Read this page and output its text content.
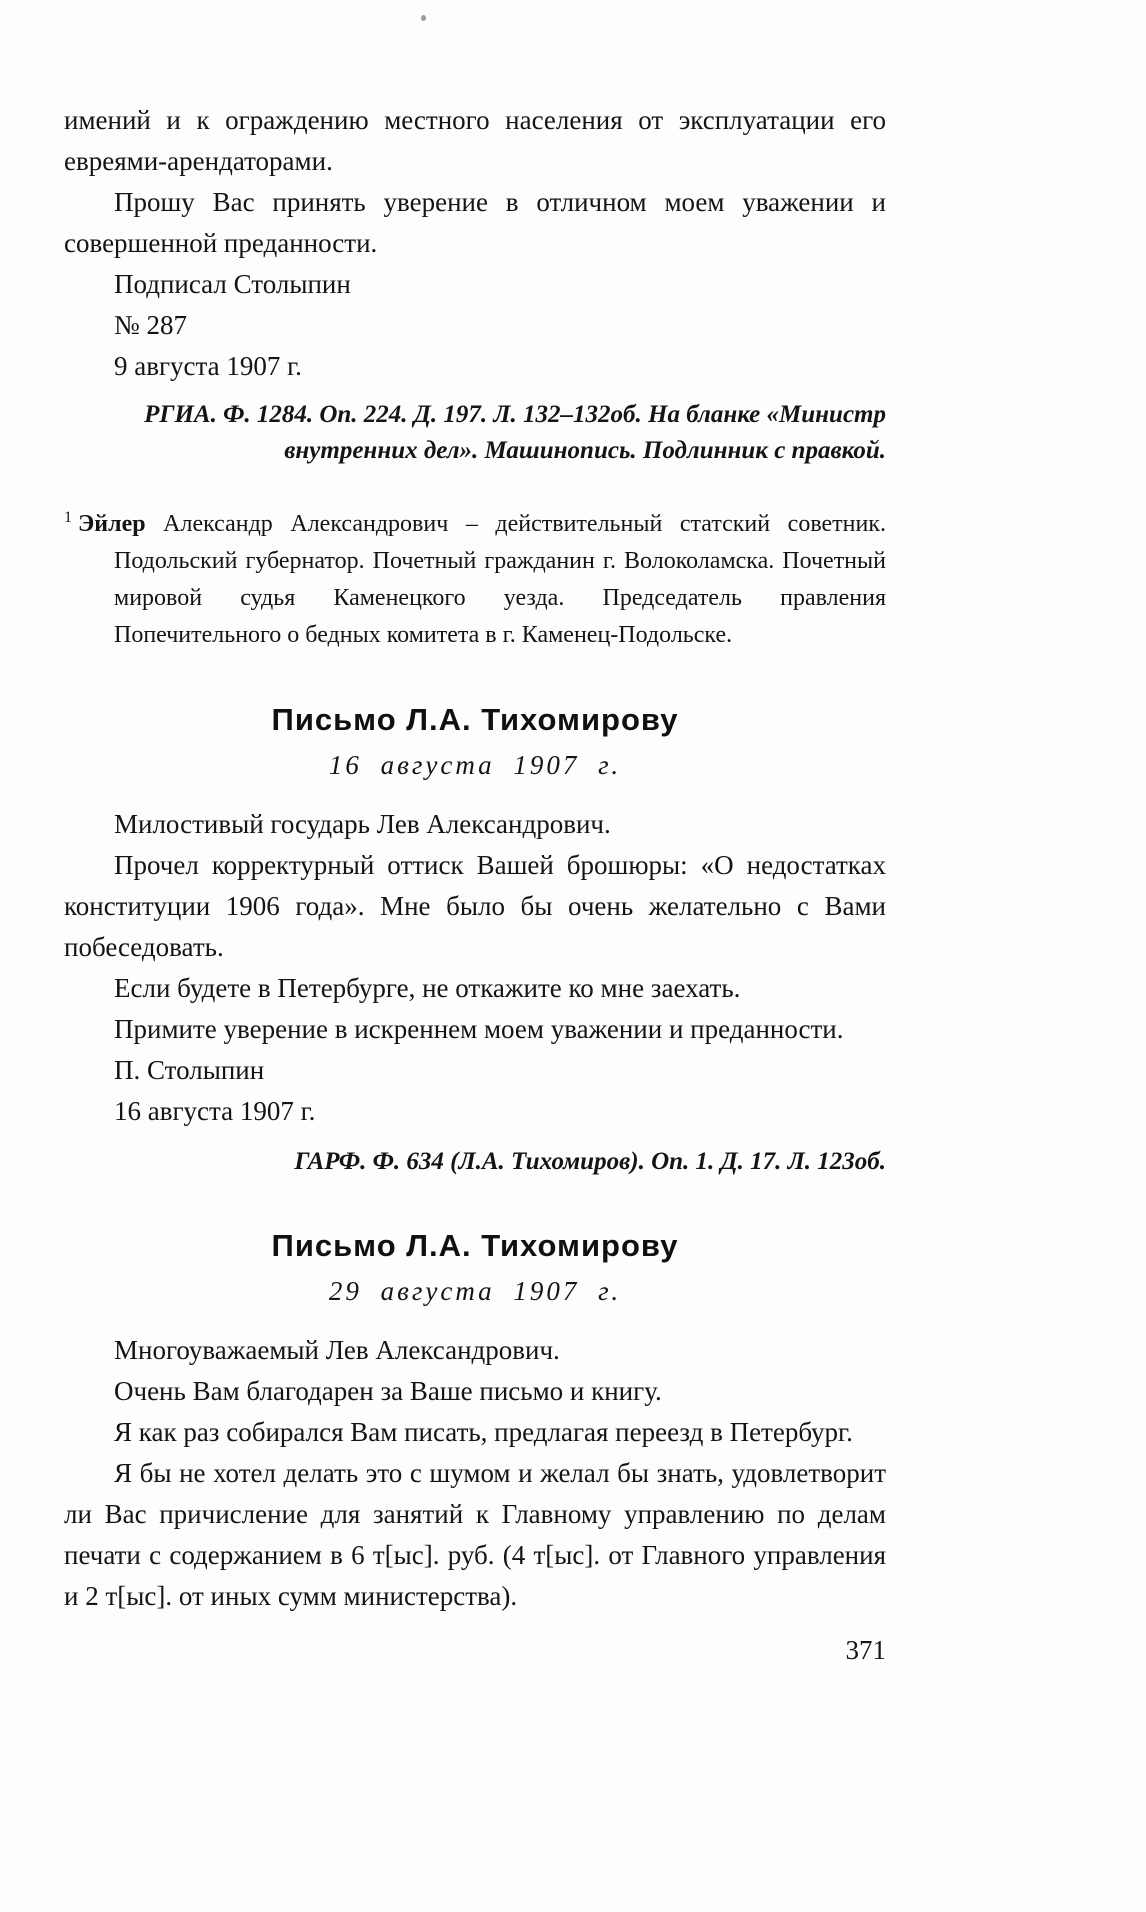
имений и к ограждению местного населения от эксплуатации его евреями-арендаторами.

Прошу Вас принять уверение в отличном моем уважении и совершенной преданности.

Подписал Столыпин

№ 287

9 августа 1907 г.

РГИА. Ф. 1284. Оп. 224. Д. 197. Л. 132–132об. На бланке «Министр внутренних дел». Машинопись. Подлинник с правкой.

$^1$ Эйлер Александр Александрович – действительный статский советник. Подольский губернатор. Почетный гражданин г. Волоколамска. Почетный мировой судья Каменецкого уезда. Председатель правления Попечительного о бедных комитета в г. Каменец-Подольске.

Письмо Л.А. Тихомирову

16 августа 1907 г.

Милостивый государь Лев Александрович.

Прочел корректурный оттиск Вашей брошюры: «О недостатках конституции 1906 года». Мне было бы очень желательно с Вами побеседовать.

Если будете в Петербурге, не откажите ко мне заехать.

Примите уверение в искреннем моем уважении и преданности.

П. Столыпин

16 августа 1907 г.

ГАРФ. Ф. 634 (Л.А. Тихомиров). Оп. 1. Д. 17. Л. 123об.

Письмо Л.А. Тихомирову

29 августа 1907 г.

Многоуважаемый Лев Александрович.

Очень Вам благодарен за Ваше письмо и книгу.

Я как раз собирался Вам писать, предлагая переезд в Петербург.

Я бы не хотел делать это с шумом и желал бы знать, удовлетворит ли Вас причисление для занятий к Главному управлению по делам печати с содержанием в 6 т[ыс]. руб. (4 т[ыс]. от Главного управления и 2 т[ыс]. от иных сумм министерства).

371
